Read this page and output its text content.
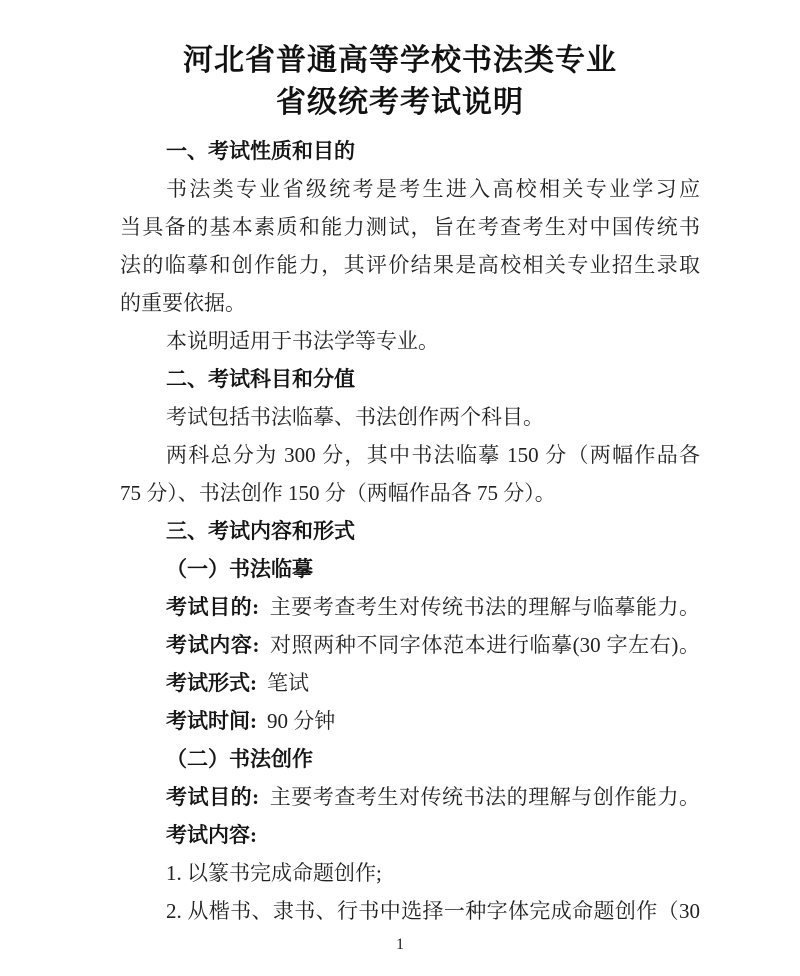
河北省普通高等学校书法类专业
省级统考考试说明
一、考试性质和目的
书法类专业省级统考是考生进入高校相关专业学习应
当具备的基本素质和能力测试，旨在考查考生对中国传统书
法的临摹和创作能力，其评价结果是高校相关专业招生录取
的重要依据。
本说明适用于书法学等专业。
二、考试科目和分值
考试包括书法临摹、书法创作两个科目。
两科总分为 300 分，其中书法临摹 150 分（两幅作品各
75 分）、书法创作 150 分（两幅作品各 75 分）。
三、考试内容和形式
（一）书法临摹
考试目的: 主要考查考生对传统书法的理解与临摹能力。
考试内容: 对照两种不同字体范本进行临摹(30 字左右)。
考试形式: 笔试
考试时间: 90 分钟
（二）书法创作
考试目的: 主要考查考生对传统书法的理解与创作能力。
考试内容:
1. 以篆书完成命题创作;
2. 从楷书、隶书、行书中选择一种字体完成命题创作（30
1
